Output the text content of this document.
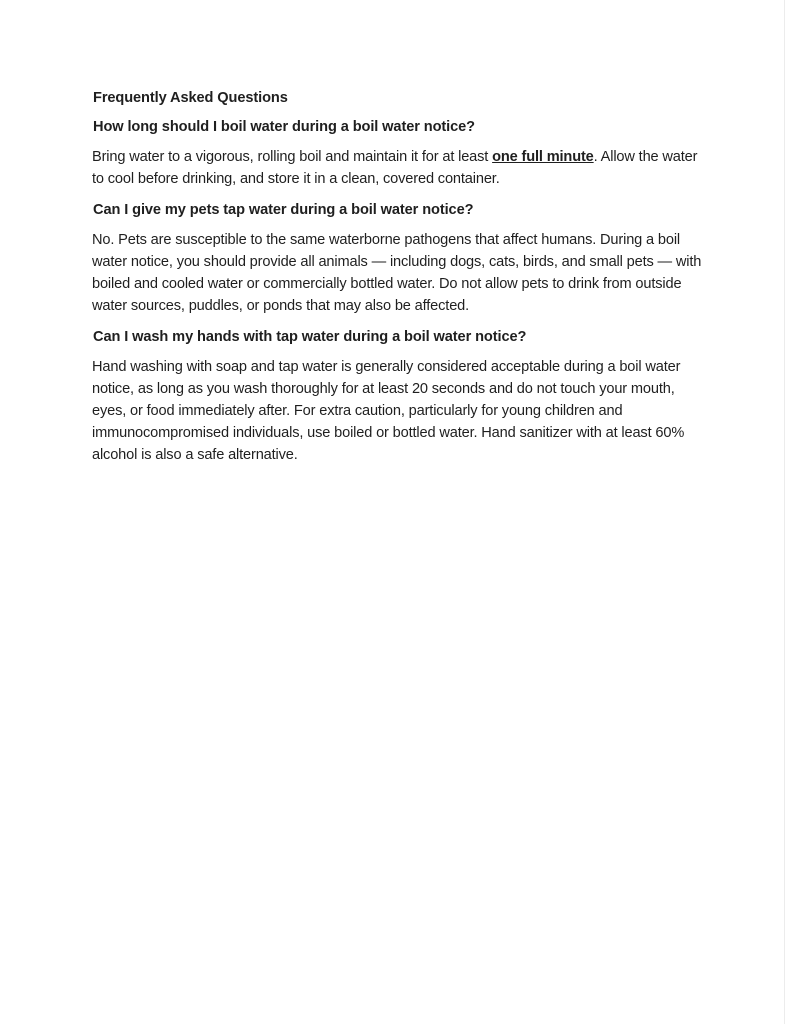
Frequently Asked Questions
How long should I boil water during a boil water notice?

Bring water to a vigorous, rolling boil and maintain it for at least one full minute. Allow the water to cool before drinking, and store it in a clean, covered container.

Can I give my pets tap water during a boil water notice?

No. Pets are susceptible to the same waterborne pathogens that affect humans. During a boil water notice, you should provide all animals — including dogs, cats, birds, and small pets — with boiled and cooled water or commercially bottled water. Do not allow pets to drink from outside water sources, puddles, or ponds that may also be affected.

Can I wash my hands with tap water during a boil water notice?

Hand washing with soap and tap water is generally considered acceptable during a boil water notice, as long as you wash thoroughly for at least 20 seconds and do not touch your mouth, eyes, or food immediately after. For extra caution, particularly for young children and immunocompromised individuals, use boiled or bottled water. Hand sanitizer with at least 60% alcohol is also a safe alternative.
